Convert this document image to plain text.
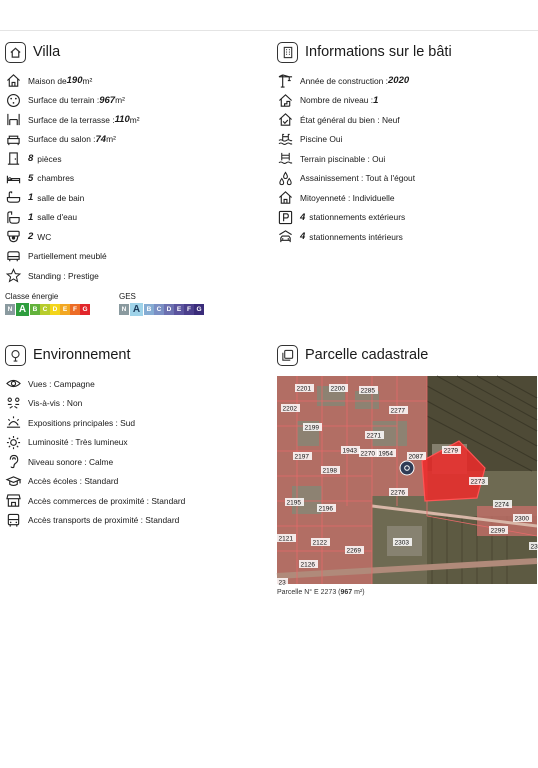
Villa
Maison de 190 m²
Surface du terrain : 967 m²
Surface de la terrasse : 110 m²
Surface du salon : 74 m²
8 pièces
5 chambres
1 salle de bain
1 salle d'eau
2 WC
Partiellement meublé
Standing : Prestige
Classe énergie	GES
N A	B C D E F G	N A	B C D E F G
Environnement
Vues : Campagne
Vis-à-vis : Non
Expositions principales : Sud
Luminosité : Très lumineux
Niveau sonore : Calme
Accès écoles : Standard
Accès commerces de proximité : Standard
Accès transports de proximité : Standard
Informations sur le bâti
Année de construction : 2020
Nombre de niveau : 1
État général du bien : Neuf
Piscine Oui
Terrain piscinable : Oui
Assainissement : Tout à l'égout
Mitoyenneté : Individuelle
4 stationnements extérieurs
4 stationnements intérieurs
Parcelle cadastrale
2201	2200 2285
2202	2277
2199
2271
2197
1943 2270 1954 2087
2279
2198
2273
2276
2195
2196
2274
2300
2299
2121
2122
2269
2303
2126
23
23
Parcelle N° E 2273 (967 m²)
